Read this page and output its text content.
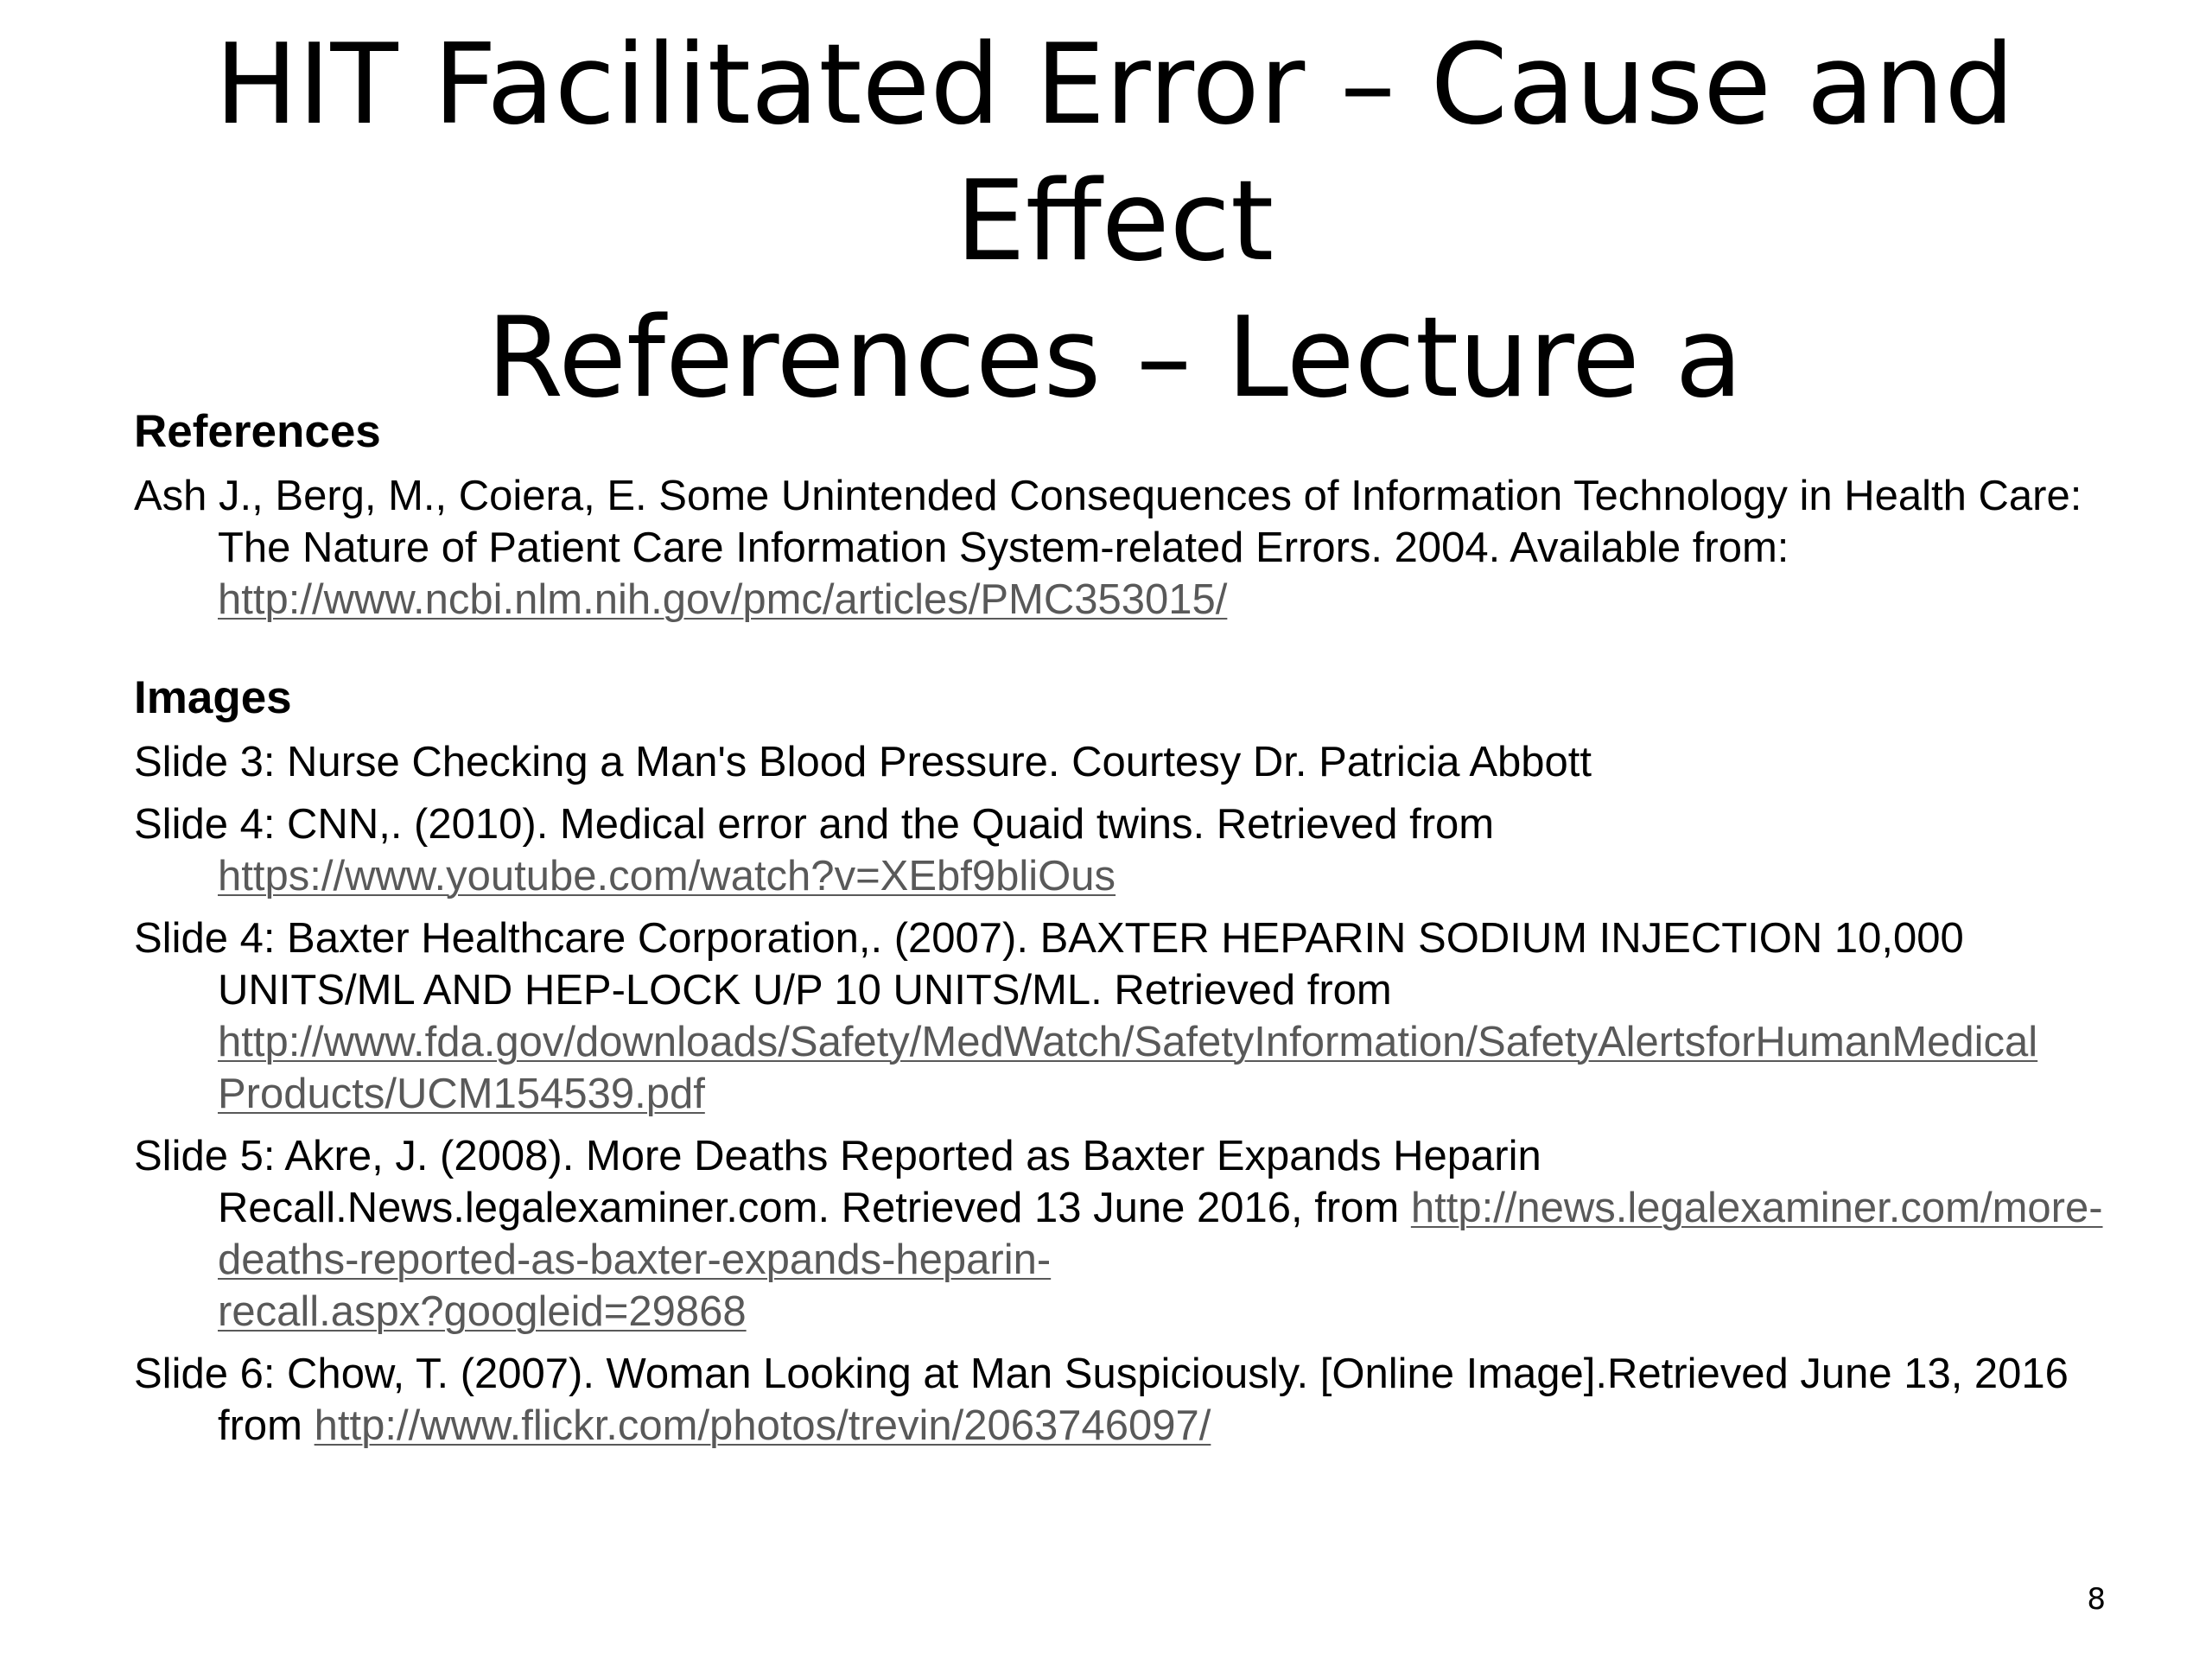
HIT Facilitated Error – Cause and
Effect
References – Lecture a
References
Ash J., Berg, M., Coiera, E. Some Unintended Consequences of Information Technology in Health Care: The Nature of Patient Care Information System-related Errors. 2004. Available from: http://www.ncbi.nlm.nih.gov/pmc/articles/PMC353015/
Images
Slide 3: Nurse Checking a Man's Blood Pressure. Courtesy Dr. Patricia Abbott
Slide 4: CNN,. (2010). Medical error and the Quaid twins. Retrieved from https://www.youtube.com/watch?v=XEbf9bliOus
Slide 4: Baxter Healthcare Corporation,. (2007). BAXTER HEPARIN SODIUM INJECTION 10,000 UNITS/ML AND HEP-LOCK U/P 10 UNITS/ML. Retrieved from http://www.fda.gov/downloads/Safety/MedWatch/SafetyInformation/SafetyAlertsforHumanMedical
Products/UCM154539.pdf
Slide 5: Akre, J. (2008). More Deaths Reported as Baxter Expands Heparin Recall.News.legalexaminer.com. Retrieved 13 June 2016, from http://news.legalexaminer.com/more-deaths-reported-as-baxter-expands-heparin-
recall.aspx?googleid=29868
Slide 6: Chow, T. (2007). Woman Looking at Man Suspiciously. [Online Image].Retrieved June 13, 2016 from http://www.flickr.com/photos/trevin/2063746097/
8
